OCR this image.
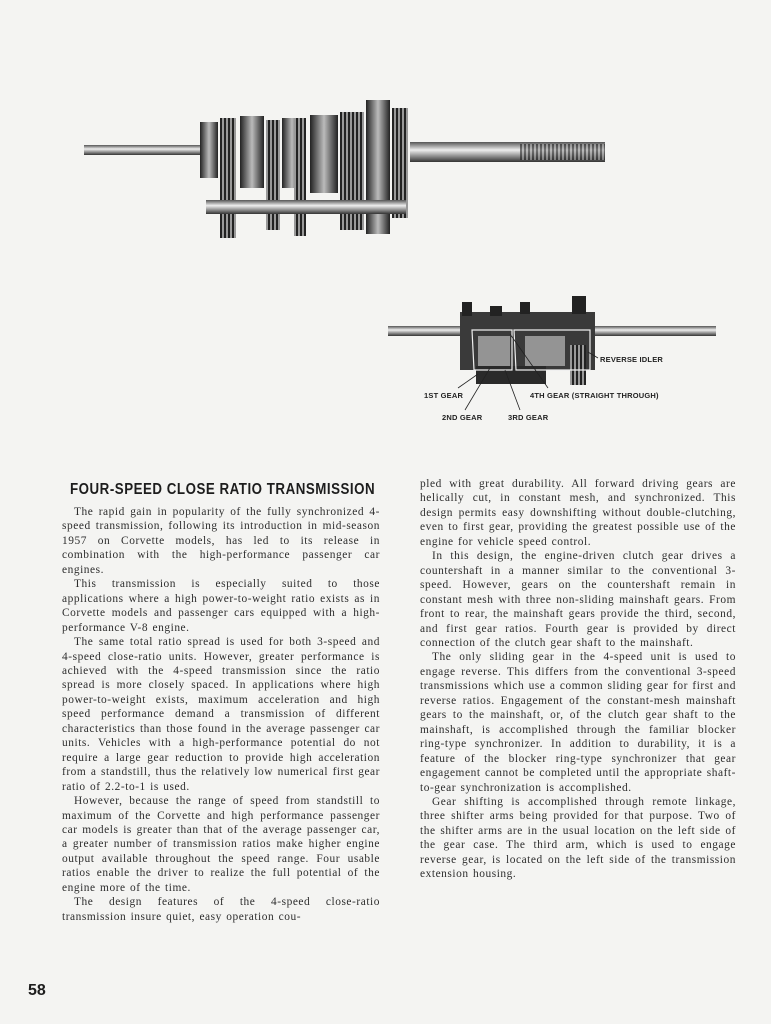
REVERSE IDLER
1ST GEAR
2ND GEAR	3RD GEAR
4TH GEAR (STRAIGHT THROUGH)
FOUR-SPEED CLOSE RATIO TRANSMISSION

The rapid gain in popularity of the fully synchronized 4-speed transmission, following its introduction in mid-season 1957 on Corvette models, has led to its release in combination with the high-performance passenger car engines.

This transmission is especially suited to those applications where a high power-to-weight ratio exists as in Corvette models and passenger cars equipped with a high-performance V-8 engine.

The same total ratio spread is used for both 3-speed and 4-speed close-ratio units. However, greater performance is achieved with the 4-speed transmission since the ratio spread is more closely spaced. In applications where high power-to-weight exists, maximum acceleration and high speed performance demand a transmission of different characteristics than those found in the average passenger car units. Vehicles with a high-performance potential do not require a large gear reduction to provide high acceleration from a standstill, thus the relatively low numerical first gear ratio of 2.2-to-1 is used.

However, because the range of speed from standstill to maximum of the Corvette and high performance passenger car models is greater than that of the average passenger car, a greater number of transmission ratios make higher engine output available throughout the speed range. Four usable ratios enable the driver to realize the full potential of the engine more of the time.

The design features of the 4-speed close-ratio transmission insure quiet, easy operation cou-

pled with great durability. All forward driving gears are helically cut, in constant mesh, and synchronized. This design permits easy downshifting without double-clutching, even to first gear, providing the greatest possible use of the engine for vehicle speed control.

In this design, the engine-driven clutch gear drives a countershaft in a manner similar to the conventional 3-speed. However, gears on the countershaft remain in constant mesh with three non-sliding mainshaft gears. From front to rear, the mainshaft gears provide the third, second, and first gear ratios. Fourth gear is provided by direct connection of the clutch gear shaft to the mainshaft.

The only sliding gear in the 4-speed unit is used to engage reverse. This differs from the conventional 3-speed transmissions which use a common sliding gear for first and reverse ratios. Engagement of the constant-mesh mainshaft gears to the mainshaft, or, of the clutch gear shaft to the mainshaft, is accomplished through the familiar blocker ring-type synchronizer. In addition to durability, it is a feature of the blocker ring-type synchronizer that gear engagement cannot be completed until the appropriate shaft-to-gear synchronization is accomplished.

Gear shifting is accomplished through remote linkage, three shifter arms being provided for that purpose. Two of the shifter arms are in the usual location on the left side of the gear case. The third arm, which is used to engage reverse gear, is located on the left side of the transmission extension housing.

58
